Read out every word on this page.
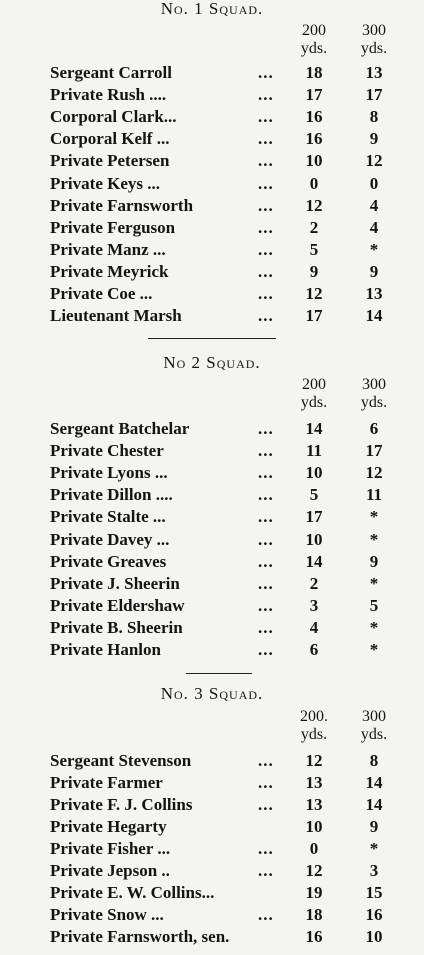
No. 1 Squad.
200
yds.
300
yds.
Sergeant Carroll	...	18	13
Private Rush ....	...	17	17
Corporal Clark...	...	16	8
Corporal Kelf ...	...	16	9
Private Petersen	...	10	12
Private Keys ...	...	0	0
Private Farnsworth	...	12	4
Private Ferguson	...	2	4
Private Manz ...	...	5	*
Private Meyrick	...	9	9
Private Coe ...	...	12	13
Lieutenant Marsh	...	17	14
No 2 Squad.
200
yds.
300
yds.
Sergeant Batchelar	...	14	6
Private Chester	...	11	17
Private Lyons ...	...	10	12
Private Dillon ....	...	5	11
Private Stalte ...	...	17	*
Private Davey ...	...	10	*
Private Greaves	...	14	9
Private J. Sheerin	...	2	*
Private Eldershaw	...	3	5
Private B. Sheerin	...	4	*
Private Hanlon	...	6	*
No. 3 Squad.
200.
yds.
300
yds.
Sergeant Stevenson	...	12	8
Private Farmer	...	13	14
Private F. J. Collins	...	13	14
Private Hegarty	10	9
Private Fisher ...	...	0	*
Private Jepson ..	...	12	3
Private E. W. Collins...	19	15
Private Snow ...	...	18	16
Private Farnsworth, sen.	16	10
